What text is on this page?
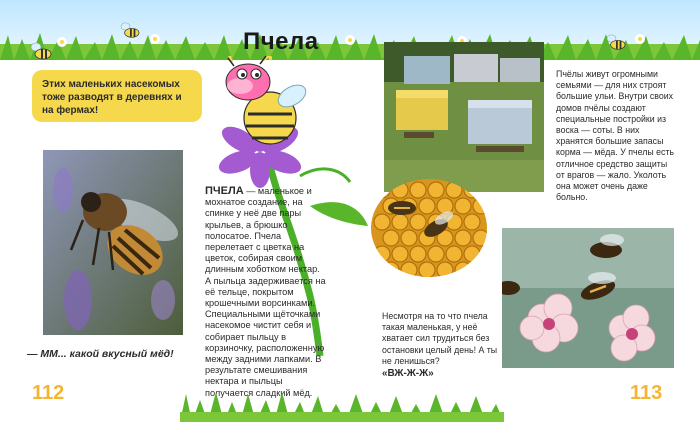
Пчела
Этих маленьких насекомых тоже разводят в деревнях и на фермах!
— ММ... какой вкусный мёд!
ПЧЕЛА — маленькое и мохнатое создание, на спинке у неё две пары крыльев, а брюшко полосатое. Пчела перелетает с цветка на цветок, собирая своим длинным хоботком нектар. А пыльца задерживается на её тельце, покрытом крошечными ворсинками. Специальными щёточками насекомое чистит себя и собирает пыльцу в корзиночку, расположенную между задними лапками. В результате смешивания нектара и пыльцы получается сладкий мёд.
Пчёлы живут огромными семьями — для них строят большие ульи. Внутри своих домов пчёлы создают специальные постройки из воска — соты. В них хранятся большие запасы корма — мёда. У пчелы есть отличное средство защиты от врагов — жало. Уколоть она может очень даже больно.
Несмотря на то что пчела такая маленькая, у неё хватает сил трудиться без остановки целый день! А ты не ленишься?
«ВЖ-Ж-Ж»
112	113
